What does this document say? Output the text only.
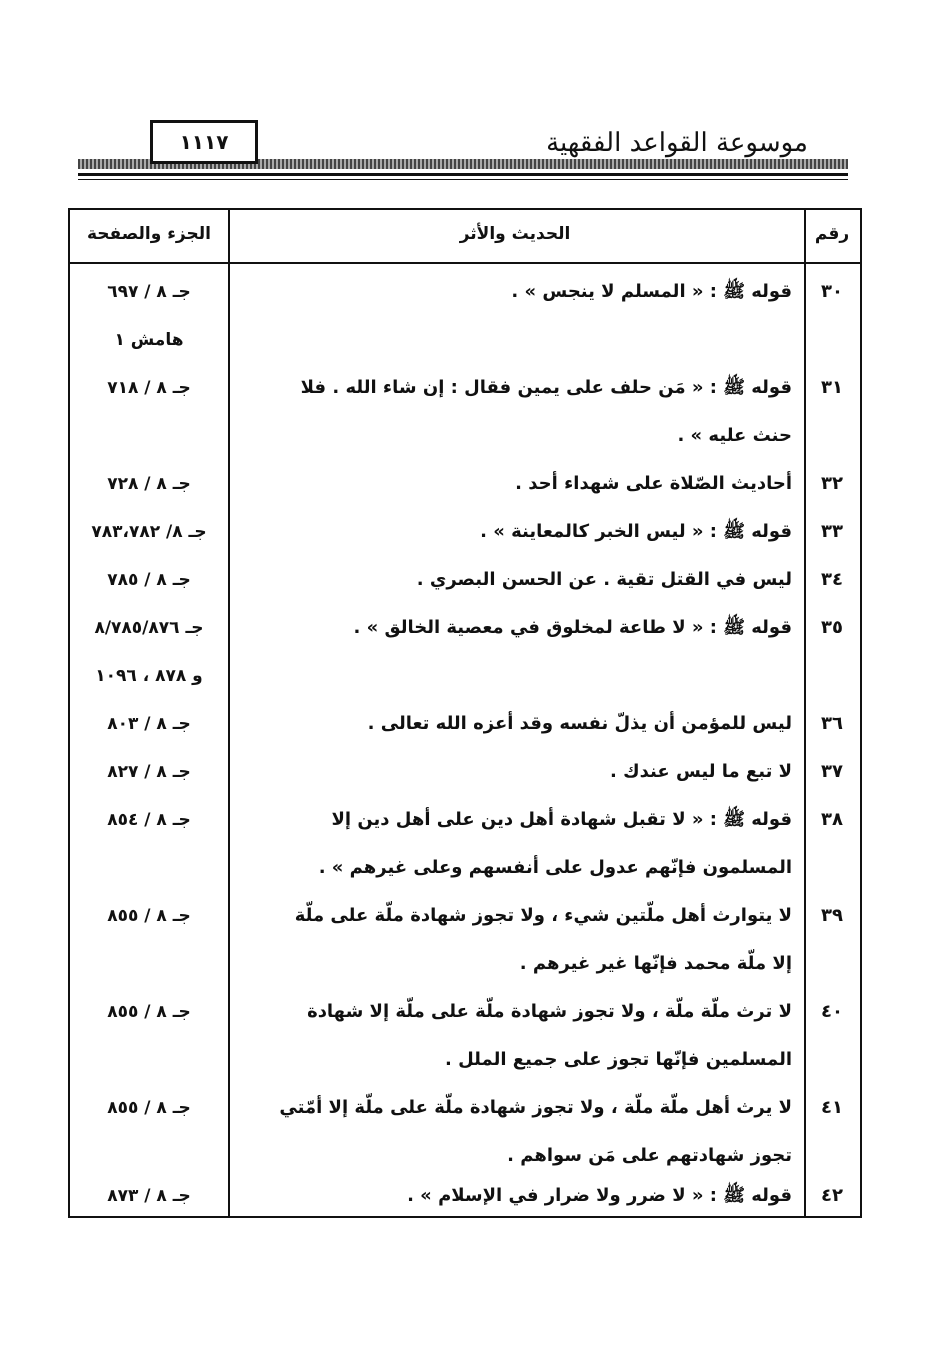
١١١٧	موسوعة القواعد الفقهية
رقم
الحديث والأثر
الجزء والصفحة
٣٠
قوله ﷺ : « المسلم لا ينجس » .
جـ ٨ / ٦٩٧
هامش ١
٣١
قوله ﷺ : « مَن حلف على يمين فقال : إن شاء الله . فلا
حنث عليه » .
جـ ٨ / ٧١٨
٣٢
أحاديث الصّلاة على شهداء أحد .
جـ ٨ / ٧٢٨
٣٣
قوله ﷺ : « ليس الخبر كالمعاينة » .
جـ ٨/ ٧٨٣،٧٨٢
٣٤
ليس في القتل تقية . عن الحسن البصري .
جـ ٨ / ٧٨٥
٣٥
قوله ﷺ : « لا طاعة لمخلوق في معصية الخالق » .
جـ ٨/٧٨٥/٨٧٦
و ٨٧٨ ، ١٠٩٦
٣٦
ليس للمؤمن أن يذلّ نفسه وقد أعزه الله تعالى .
جـ ٨ / ٨٠٣
٣٧
لا تبع ما ليس عندك .
جـ ٨ / ٨٢٧
٣٨
قوله ﷺ : « لا تقبل شهادة أهل دين على أهل دين إلا
المسلمون فإنّهم عدول على أنفسهم وعلى غيرهم » .
جـ ٨ / ٨٥٤
٣٩
لا يتوارث أهل ملّتين شيء ، ولا تجوز شهادة ملّة على ملّة
إلا ملّة محمد فإنّها غير غيرهم .
جـ ٨ / ٨٥٥
٤٠
لا ترث ملّة ملّة ، ولا تجوز شهادة ملّة على ملّة إلا شهادة
المسلمين فإنّها تجوز على جميع الملل .
جـ ٨ / ٨٥٥
٤١
لا يرث أهل ملّة ملّة ، ولا تجوز شهادة ملّة على ملّة إلا أمّتي
تجوز شهادتهم على مَن سواهم .
جـ ٨ / ٨٥٥
٤٢
قوله ﷺ : « لا ضرر ولا ضرار في الإسلام » .
جـ ٨ / ٨٧٣
